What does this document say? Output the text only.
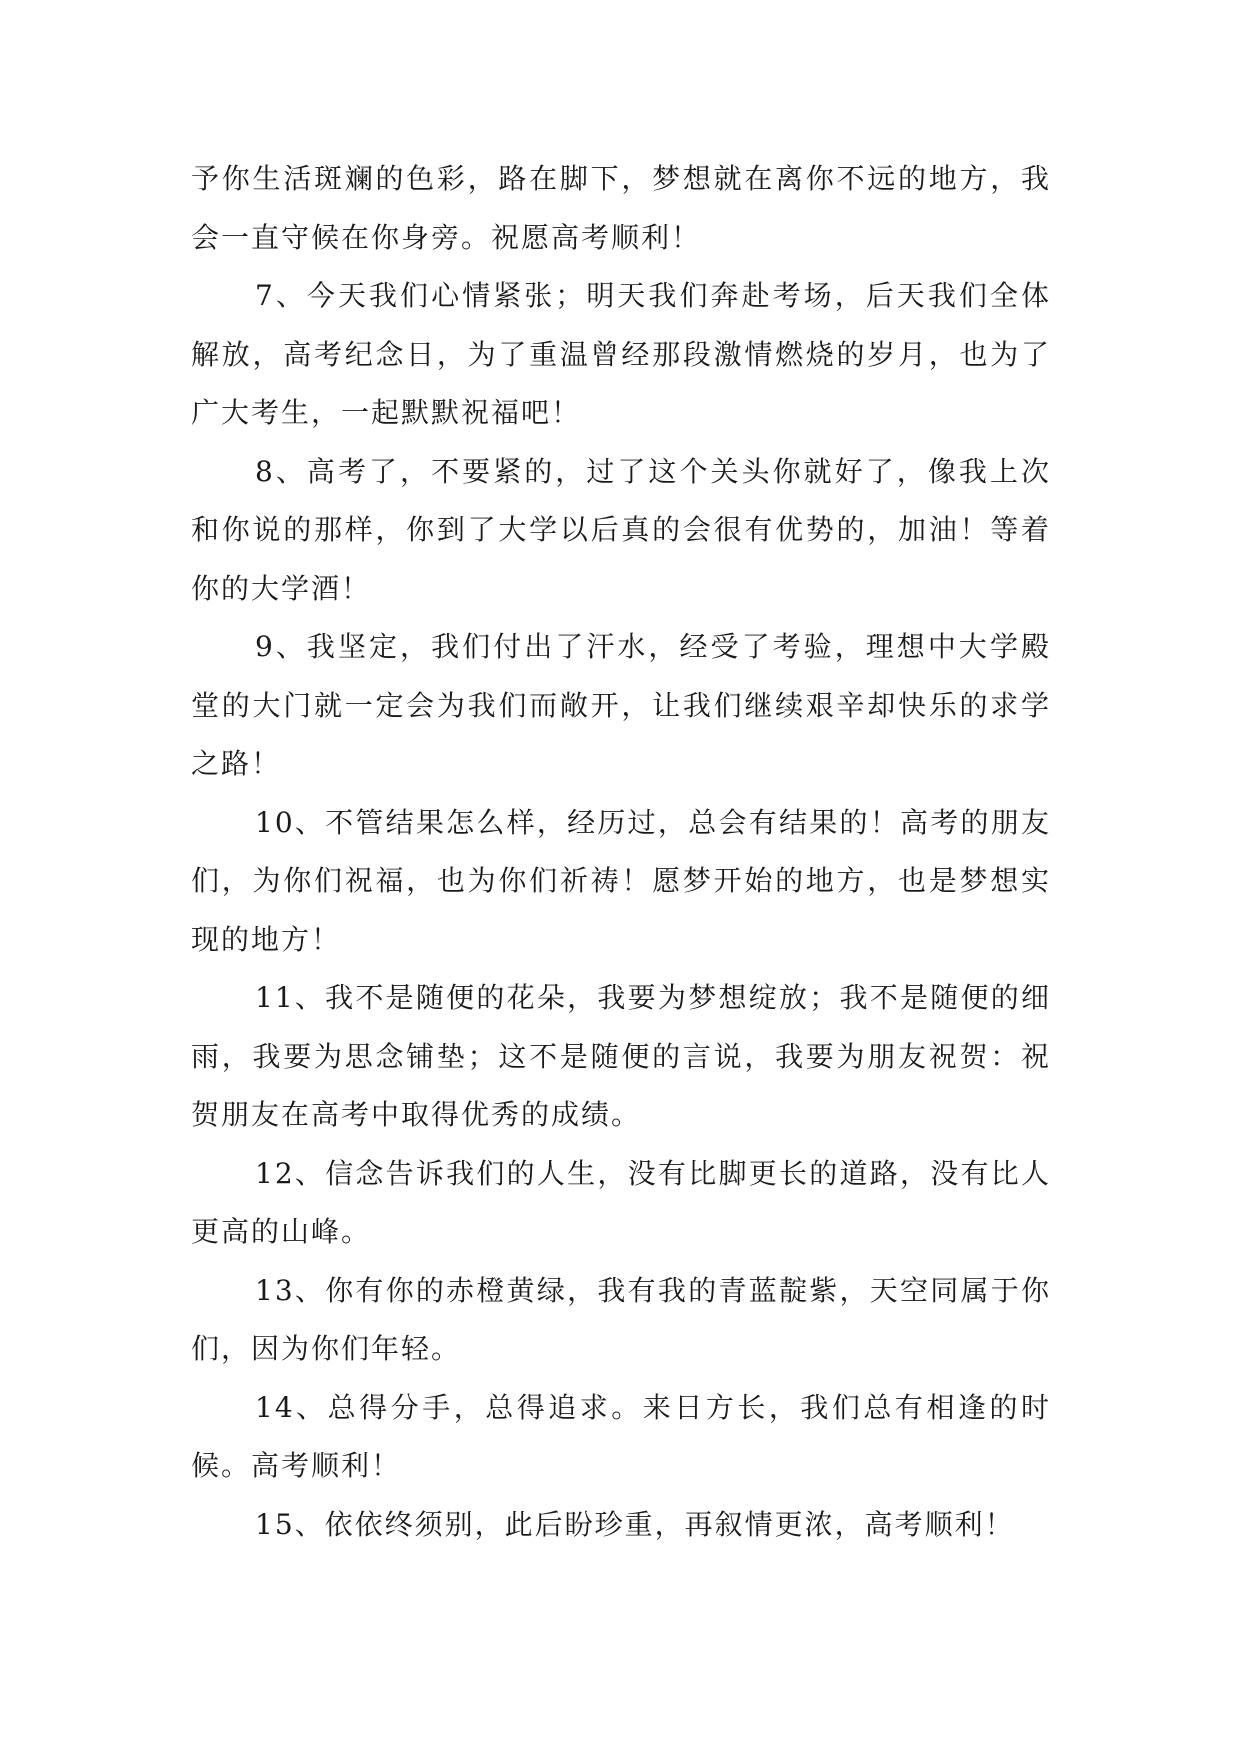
予你生活斑斓的色彩，路在脚下，梦想就在离你不远的地方，我会一直守候在你身旁。祝愿高考顺利！

7、今天我们心情紧张；明天我们奔赴考场，后天我们全体解放，高考纪念日，为了重温曾经那段激情燃烧的岁月，也为了广大考生，一起默默祝福吧！

8、高考了，不要紧的，过了这个关头你就好了，像我上次和你说的那样，你到了大学以后真的会很有优势的，加油！等着你的大学酒！

9、我坚定，我们付出了汗水，经受了考验，理想中大学殿堂的大门就一定会为我们而敞开，让我们继续艰辛却快乐的求学之路！

10、不管结果怎么样，经历过，总会有结果的！高考的朋友们，为你们祝福，也为你们祈祷！愿梦开始的地方，也是梦想实现的地方！

11、我不是随便的花朵，我要为梦想绽放；我不是随便的细雨，我要为思念铺垫；这不是随便的言说，我要为朋友祝贺：祝贺朋友在高考中取得优秀的成绩。

12、信念告诉我们的人生，没有比脚更长的道路，没有比人更高的山峰。

13、你有你的赤橙黄绿，我有我的青蓝靛紫，天空同属于你们，因为你们年轻。

14、总得分手，总得追求。来日方长，我们总有相逢的时候。高考顺利！

15、依依终须别，此后盼珍重，再叙情更浓，高考顺利！
